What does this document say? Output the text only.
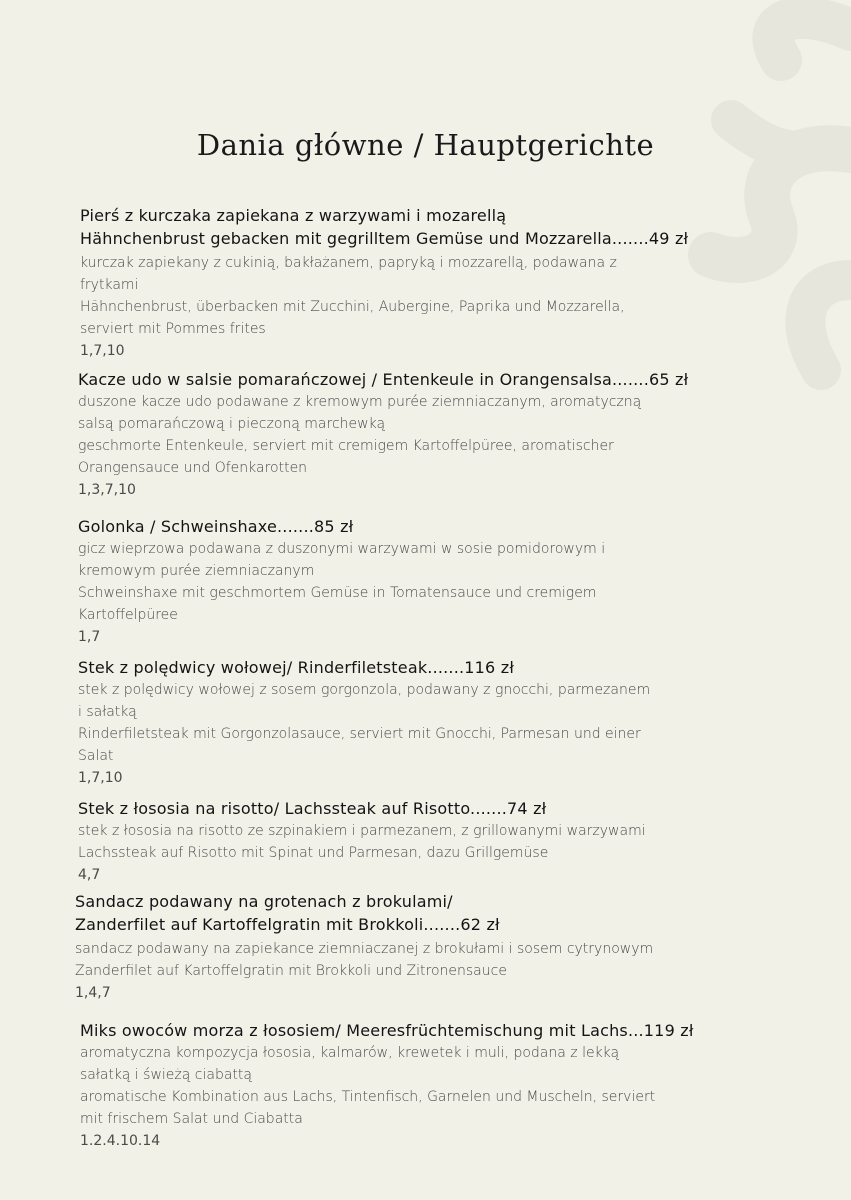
Dania główne / Hauptgerichte
Pierś z kurczaka zapiekana z warzywami i mozarellą
Hähnchenbrust gebacken mit gegrilltem Gemüse und Mozzarella.......49 zł
kurczak zapiekany z cukinią, bakłażanem, papryką i mozzarellą, podawana z
frytkami
Hähnchenbrust, überbacken mit Zucchini, Aubergine, Paprika und Mozzarella,
serviert mit Pommes frites
1,7,10
Kacze udo w salsie pomarańczowej / Entenkeule in Orangensalsa.......65 zł
duszone kacze udo podawane z kremowym purée ziemniaczanym, aromatyczną
salsą pomarańczową i pieczoną marchewką
geschmorte Entenkeule, serviert mit cremigem Kartoffelpüree, aromatischer
Orangensauce und Ofenkarotten
1,3,7,10
Golonka / Schweinshaxe.......85 zł
gicz wieprzowa podawana z duszonymi warzywami w sosie pomidorowym i
kremowym purée ziemniaczanym
Schweinshaxe mit geschmortem Gemüse in Tomatensauce und cremigem
Kartoffelpüree
1,7
Stek z polędwicy wołowej/ Rinderfiletsteak.......116 zł
stek z polędwicy wołowej z sosem gorgonzola, podawany z gnocchi, parmezanem
i sałatką
Rinderfiletsteak mit Gorgonzolasauce, serviert mit Gnocchi, Parmesan und einer
Salat
1,7,10
Stek z łososia na risotto/ Lachssteak auf Risotto.......74 zł
stek z łososia na risotto ze szpinakiem i parmezanem, z grillowanymi warzywami
Lachssteak auf Risotto mit Spinat und Parmesan, dazu Grillgemüse
4,7
Sandacz podawany na grotenach z brokulami/
Zanderfilet auf Kartoffelgratin mit Brokkoli.......62 zł
sandacz podawany na zapiekance ziemniaczanej z brokułami i sosem cytrynowym
Zanderfilet auf Kartoffelgratin mit Brokkoli und Zitronensauce
1,4,7
Miks owoców morza z łososiem/ Meeresfrüchtemischung mit Lachs...119 zł
aromatyczna kompozycja łososia, kalmarów, krewetek i muli, podana z lekką
sałatką i świeżą ciabattą
aromatische Kombination aus Lachs, Tintenfisch, Garnelen und Muscheln, serviert
mit frischem Salat und Ciabatta
1.2.4.10.14
